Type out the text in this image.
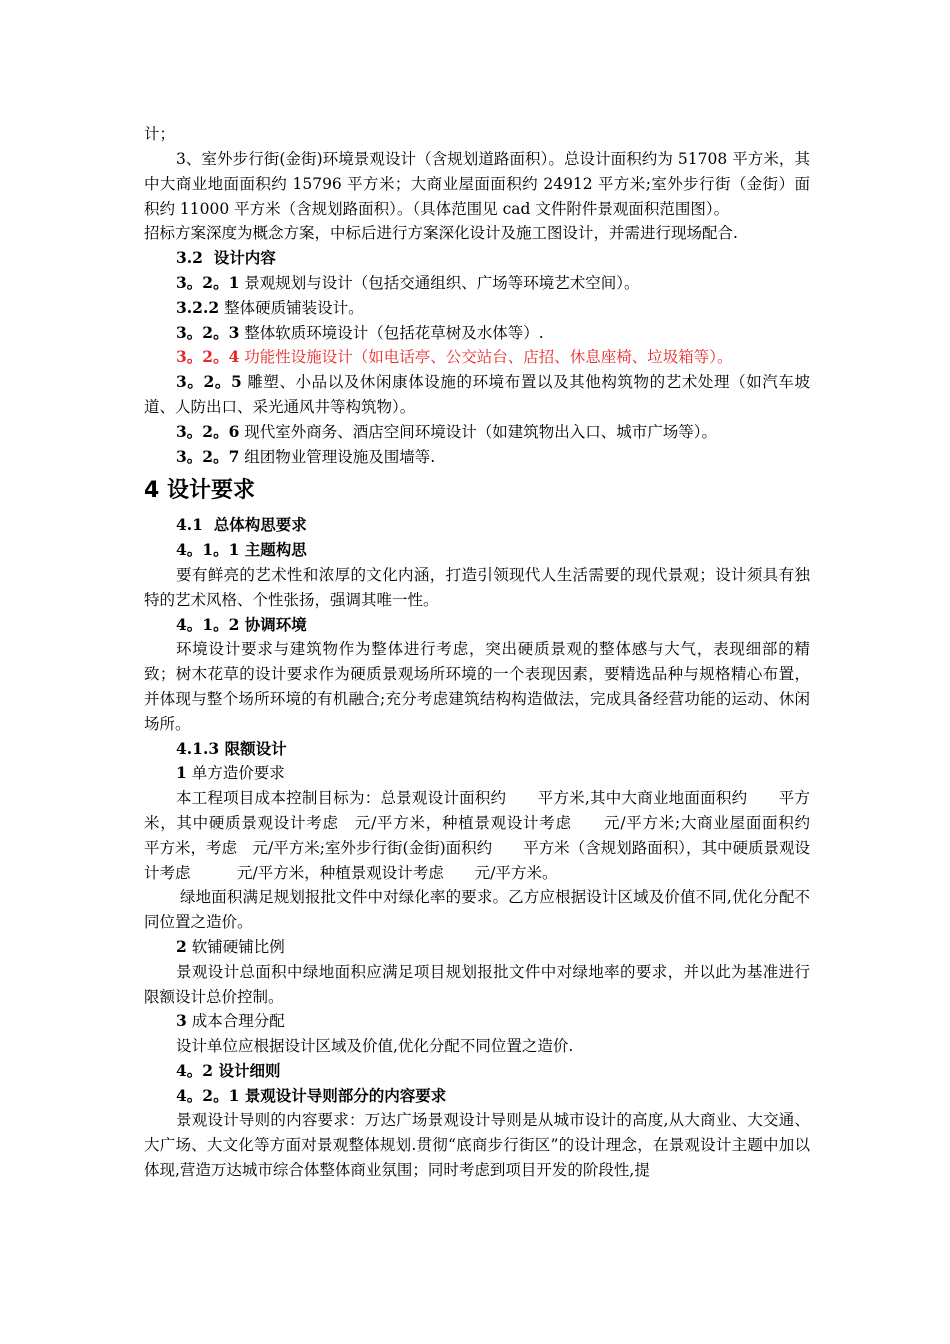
计；

3、室外步行街(金街)环境景观设计（含规划道路面积）。总设计面积约为 51708 平方米，其中大商业地面面积约 15796 平方米；大商业屋面面积约 24912 平方米;室外步行街（金街）面积约 11000 平方米（含规划路面积）。（具体范围见 cad 文件附件景观面积范围图）。

招标方案深度为概念方案，中标后进行方案深化设计及施工图设计，并需进行现场配合.

3.2 设计内容

3。2。1 景观规划与设计（包括交通组织、广场等环境艺术空间）。

3.2.2 整体硬质铺装设计。

3。2。3 整体软质环境设计（包括花草树及水体等）.

3。2。4 功能性设施设计（如电话亭、公交站台、店招、休息座椅、垃圾箱等）。

3。2。5 雕塑、小品以及休闲康体设施的环境布置以及其他构筑物的艺术处理（如汽车坡道、人防出口、采光通风井等构筑物）。

3。2。6 现代室外商务、酒店空间环境设计（如建筑物出入口、城市广场等）。

3。2。7 组团物业管理设施及围墙等.

4 设计要求

4.1 总体构思要求

4。1。1 主题构思

要有鲜亮的艺术性和浓厚的文化内涵，打造引领现代人生活需要的现代景观；设计须具有独特的艺术风格、个性张扬，强调其唯一性。

4。1。2 协调环境

环境设计要求与建筑物作为整体进行考虑，突出硬质景观的整体感与大气，表现细部的精致；树木花草的设计要求作为硬质景观场所环境的一个表现因素，要精选品种与规格精心布置，并体现与整个场所环境的有机融合;充分考虑建筑结构构造做法，完成具备经营功能的运动、休闲场所。

4.1.3 限额设计

1 单方造价要求

本工程项目成本控制目标为：总景观设计面积约　　平方米,其中大商业地面面积约　　平方米，其中硬质景观设计考虑　元/平方米，种植景观设计考虑　　元/平方米;大商业屋面面积约　　　平方米，考虑　元/平方米;室外步行街(金街)面积约　　平方米（含规划路面积），其中硬质景观设计考虑　　　元/平方米，种植景观设计考虑　　元/平方米。

绿地面积满足规划报批文件中对绿化率的要求。乙方应根据设计区域及价值不同,优化分配不同位置之造价。

2 软铺硬铺比例

景观设计总面积中绿地面积应满足项目规划报批文件中对绿地率的要求，并以此为基准进行限额设计总价控制。

3 成本合理分配

设计单位应根据设计区域及价值,优化分配不同位置之造价.

4。2 设计细则

4。2。1 景观设计导则部分的内容要求

景观设计导则的内容要求：万达广场景观设计导则是从城市设计的高度,从大商业、大交通、大广场、大文化等方面对景观整体规划.贯彻“底商步行街区”的设计理念，在景观设计主题中加以体现,营造万达城市综合体整体商业氛围；同时考虑到项目开发的阶段性,提
